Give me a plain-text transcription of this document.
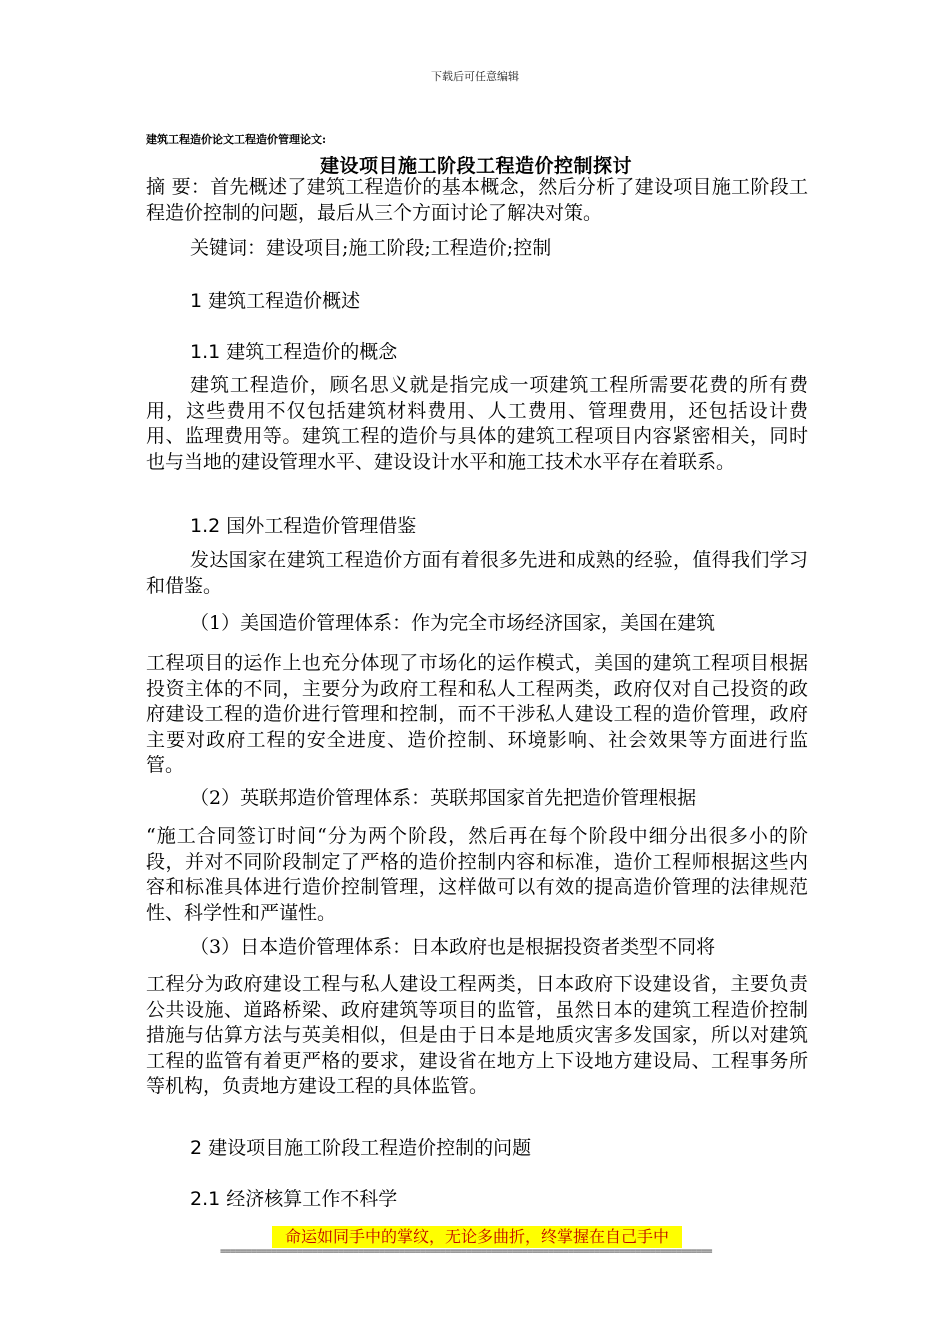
下载后可任意编辑
建筑工程造价论文工程造价管理论文:
建设项目施工阶段工程造价控制探讨
摘 要：首先概述了建筑工程造价的基本概念，然后分析了建设项目施工阶段工程造价控制的问题，最后从三个方面讨论了解决对策。
关键词：建设项目;施工阶段;工程造价;控制
1 建筑工程造价概述
1.1 建筑工程造价的概念
建筑工程造价，顾名思义就是指完成一项建筑工程所需要花费的所有费用，这些费用不仅包括建筑材料费用、人工费用、管理费用，还包括设计费用、监理费用等。建筑工程的造价与具体的建筑工程项目内容紧密相关，同时也与当地的建设管理水平、建设设计水平和施工技术水平存在着联系。
1.2 国外工程造价管理借鉴
发达国家在建筑工程造价方面有着很多先进和成熟的经验，值得我们学习和借鉴。
（1）美国造价管理体系：作为完全市场经济国家，美国在建筑
工程项目的运作上也充分体现了市场化的运作模式，美国的建筑工程项目根据投资主体的不同，主要分为政府工程和私人工程两类，政府仅对自己投资的政府建设工程的造价进行管理和控制，而不干涉私人建设工程的造价管理，政府主要对政府工程的安全进度、造价控制、环境影响、社会效果等方面进行监管。
（2）英联邦造价管理体系：英联邦国家首先把造价管理根据
“施工合同签订时间“分为两个阶段，然后再在每个阶段中细分出很多小的阶段，并对不同阶段制定了严格的造价控制内容和标准，造价工程师根据这些内容和标准具体进行造价控制管理，这样做可以有效的提高造价管理的法律规范性、科学性和严谨性。
（3）日本造价管理体系：日本政府也是根据投资者类型不同将
工程分为政府建设工程与私人建设工程两类，日本政府下设建设省，主要负责公共设施、道路桥梁、政府建筑等项目的监管，虽然日本的建筑工程造价控制措施与估算方法与英美相似，但是由于日本是地质灾害多发国家，所以对建筑工程的监管有着更严格的要求，建设省在地方上下设地方建设局、工程事务所等机构，负责地方建设工程的具体监管。
2 建设项目施工阶段工程造价控制的问题
2.1 经济核算工作不科学
命运如同手中的掌纹，无论多曲折，终掌握在自己手中
================================================================================================
